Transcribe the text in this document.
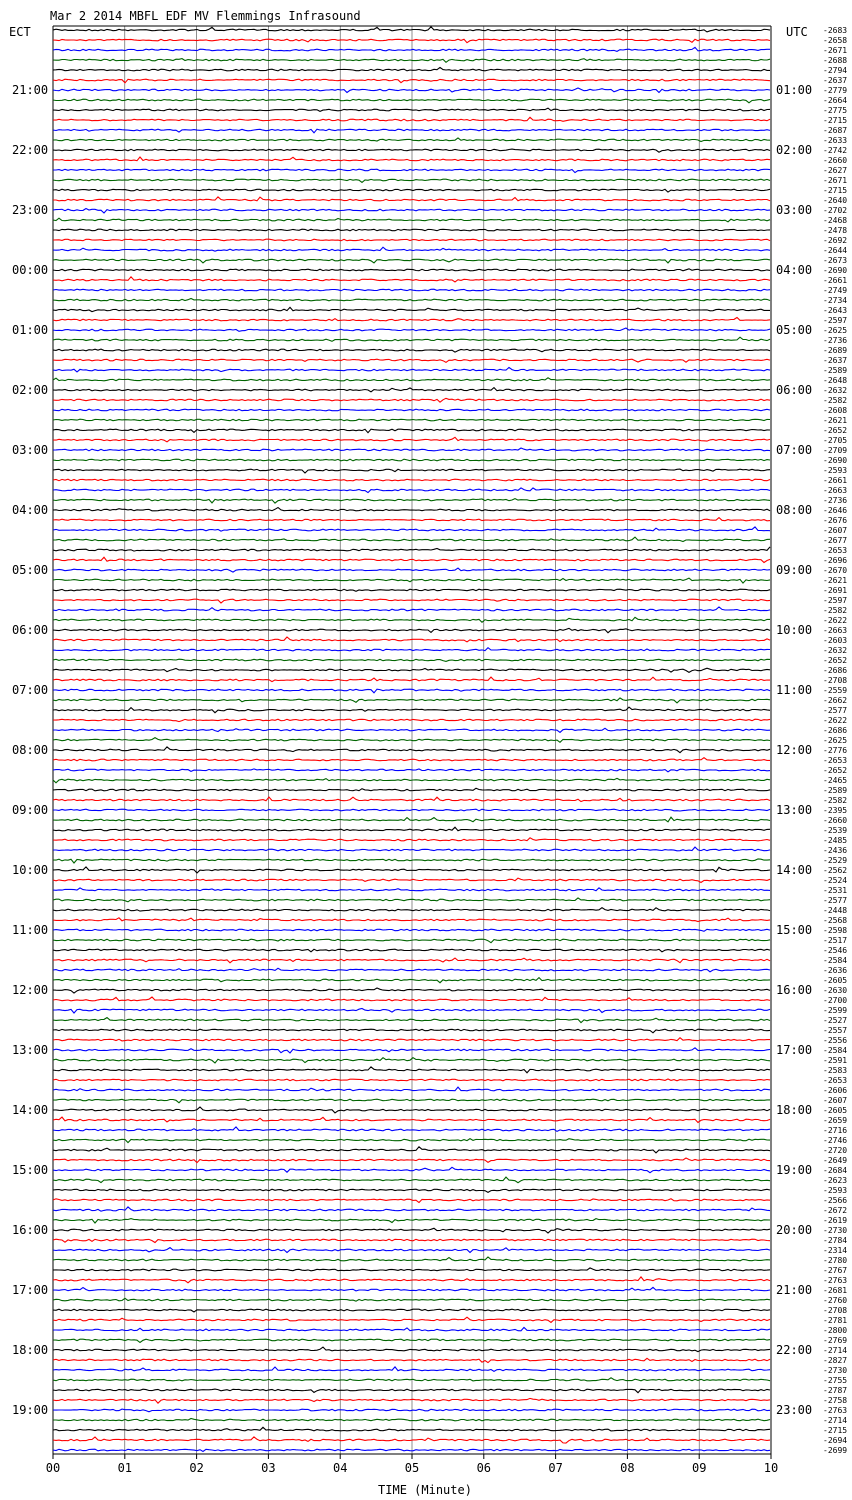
Mar 2 2014 MBFL EDF MV Flemmings Infrasound
ECT	UTC
21:00
22:00
23:00
00:00
01:00
02:00
03:00
04:00
05:00
06:00
07:00
08:00
09:00
10:00
11:00
12:00
13:00
14:00
15:00
16:00
17:00
18:00
19:00
01:00
02:00
03:00
04:00
05:00
06:00
07:00
08:00
09:00
10:00
11:00
12:00
13:00
14:00
15:00
16:00
17:00
18:00
19:00
20:00
21:00
22:00
23:00
-2683
-2658
-2671
-2688
-2794
-2637
-2779
-2664
-2775
-2715
-2687
-2633
-2742
-2660
-2627
-2671
-2715
-2640
-2702
-2468
-2478
-2692
-2644
-2673
-2690
-2661
-2749
-2734
-2643
-2597
-2625
-2736
-2689
-2637
-2589
-2648
-2632
-2582
-2608
-2621
-2652
-2705
-2709
-2690
-2593
-2661
-2663
-2736
-2646
-2676
-2607
-2677
-2653
-2696
-2670
-2621
-2691
-2597
-2582
-2622
-2663
-2603
-2632
-2652
-2686
-2708
-2559
-2662
-2577
-2622
-2686
-2625
-2776
-2653
-2652
-2465
-2589
-2582
-2395
-2660
-2539
-2485
-2436
-2529
-2562
-2524
-2531
-2577
-2448
-2568
-2598
-2517
-2546
-2584
-2636
-2605
-2630
-2700
-2599
-2527
-2557
-2556
-2584
-2591
-2583
-2653
-2606
-2607
-2605
-2659
-2716
-2746
-2720
-2649
-2684
-2623
-2593
-2566
-2672
-2619
-2730
-2784
-2314
-2780
-2767
-2763
-2681
-2760
-2708
-2781
-2800
-2769
-2714
-2827
-2730
-2755
-2787
-2758
-2763
-2714
-2715
-2694
-2699
00	01	02	03	04	05	06	07	08	09	10
TIME (Minute)
